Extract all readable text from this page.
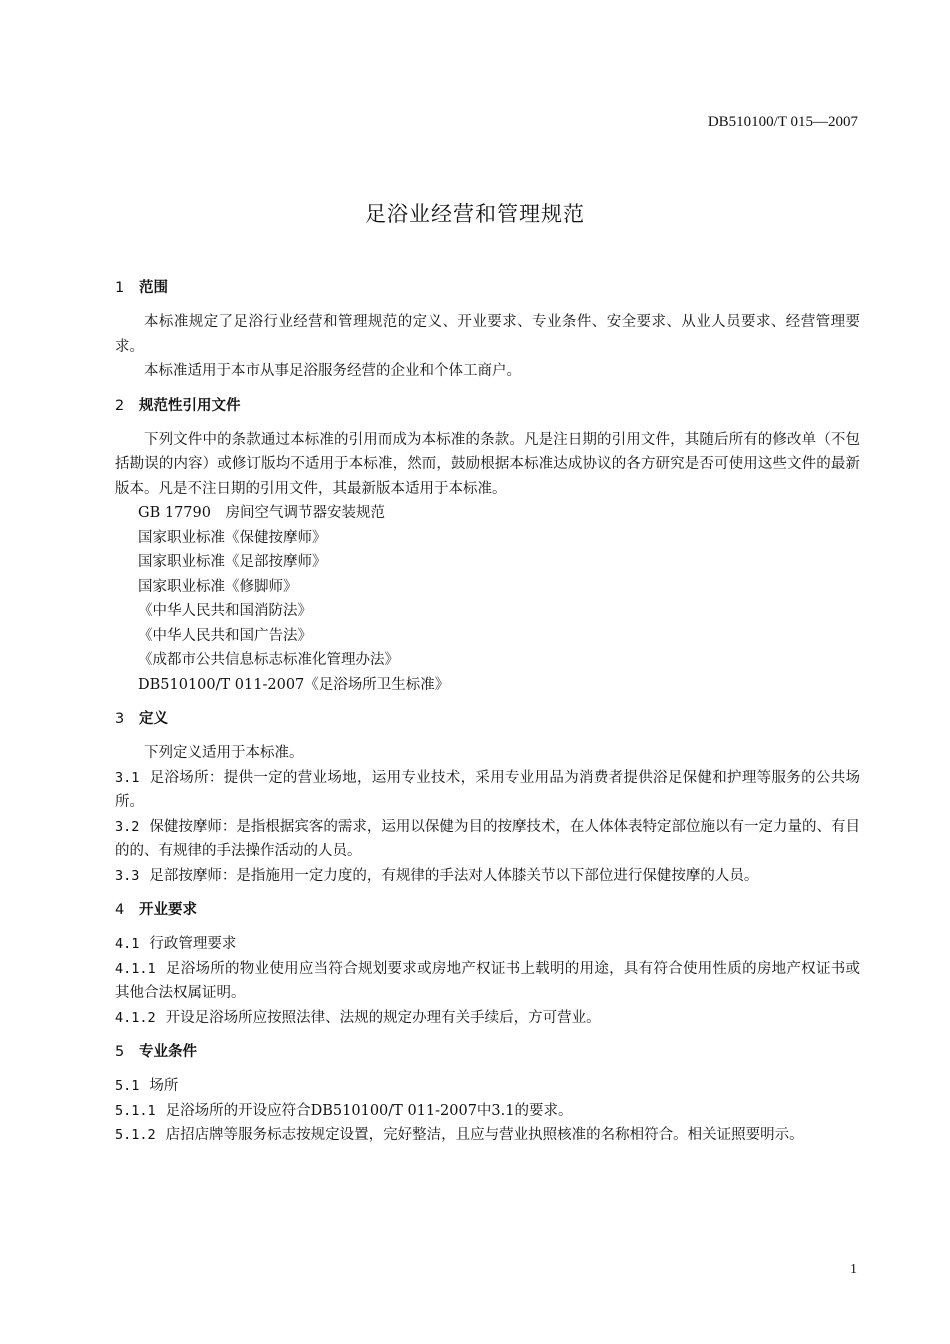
DB510100/T 015—2007
足浴业经营和管理规范
1 范围

本标准规定了足浴行业经营和管理规范的定义、开业要求、专业条件、安全要求、从业人员要求、经营管理要求。

本标准适用于本市从事足浴服务经营的企业和个体工商户。

2 规范性引用文件

下列文件中的条款通过本标准的引用而成为本标准的条款。凡是注日期的引用文件，其随后所有的修改单（不包括勘误的内容）或修订版均不适用于本标准，然而，鼓励根据本标准达成协议的各方研究是否可使用这些文件的最新版本。凡是不注日期的引用文件，其最新版本适用于本标准。

GB 17790　房间空气调节器安装规范

国家职业标准《保健按摩师》

国家职业标准《足部按摩师》

国家职业标准《修脚师》

《中华人民共和国消防法》

《中华人民共和国广告法》

《成都市公共信息标志标准化管理办法》

DB510100/T 011-2007《足浴场所卫生标准》

3 定义

下列定义适用于本标准。

3.1 足浴场所：提供一定的营业场地，运用专业技术，采用专业用品为消费者提供浴足保健和护理等服务的公共场所。

3.2 保健按摩师：是指根据宾客的需求，运用以保健为目的按摩技术，在人体体表特定部位施以有一定力量的、有目的的、有规律的手法操作活动的人员。

3.3 足部按摩师：是指施用一定力度的，有规律的手法对人体膝关节以下部位进行保健按摩的人员。

4 开业要求

4.1 行政管理要求

4.1.1 足浴场所的物业使用应当符合规划要求或房地产权证书上载明的用途，具有符合使用性质的房地产权证书或其他合法权属证明。

4.1.2 开设足浴场所应按照法律、法规的规定办理有关手续后，方可营业。

5 专业条件

5.1 场所

5.1.1 足浴场所的开设应符合DB510100/T 011-2007中3.1的要求。

5.1.2 店招店牌等服务标志按规定设置，完好整洁，且应与营业执照核准的名称相符合。相关证照要明示。

1
